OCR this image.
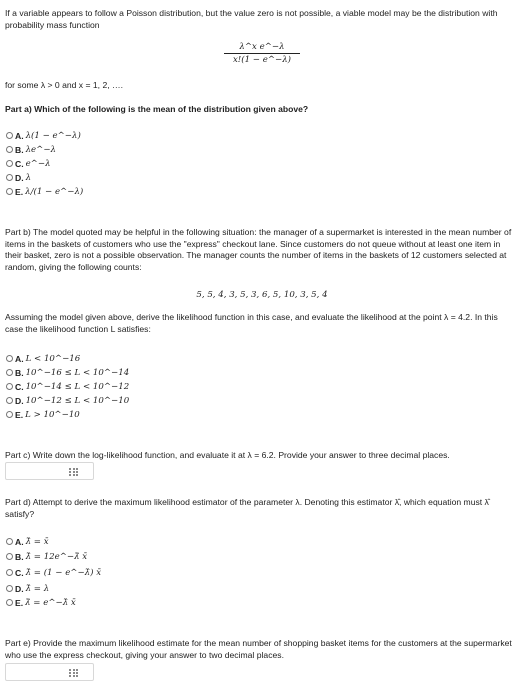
If a variable appears to follow a Poisson distribution, but the value zero is not possible, a viable model may be the distribution with probability mass function

λ^x e^−λ
x!(1 − e^−λ)

for some λ > 0 and x = 1, 2, ….

Part a) Which of the following is the mean of the distribution given above?

A. λ(1 − e^−λ)
B. λe^−λ
C. e^−λ
D. λ
E. λ/(1 − e^−λ)

Part b) The model quoted may be helpful in the following situation: the manager of a supermarket is interested in the mean number of items in the baskets of customers who use the "express" checkout lane. Since customers do not queue without at least one item in their basket, zero is not a possible observation. The manager counts the number of items in the baskets of 12 customers selected at random, giving the following counts:

5, 5, 4, 3, 5, 3, 6, 5, 10, 3, 5, 4

Assuming the model given above, derive the likelihood function in this case, and evaluate the likelihood at the point λ = 4.2. In this case the likelihood function L satisfies:

A. L < 10^−16
B. 10^−16 ≤ L < 10^−14
C. 10^−14 ≤ L < 10^−12
D. 10^−12 ≤ L < 10^−10
E. L > 10^−10

Part c) Write down the log-likelihood function, and evaluate it at λ = 6.2. Provide your answer to three decimal places.

Part d) Attempt to derive the maximum likelihood estimator of the parameter λ. Denoting this estimator λ̂, which equation must λ̂ satisfy?

A. λ̂ = x̄
B. λ̂ = 12e^−λ̂ x̄
C. λ̂ = (1 − e^−λ̂) x̄
D. λ̂ = λ
E. λ̂ = e^−λ̂ x̄

Part e) Provide the maximum likelihood estimate for the mean number of shopping basket items for the customers at the supermarket who use the express checkout, giving your answer to two decimal places.
